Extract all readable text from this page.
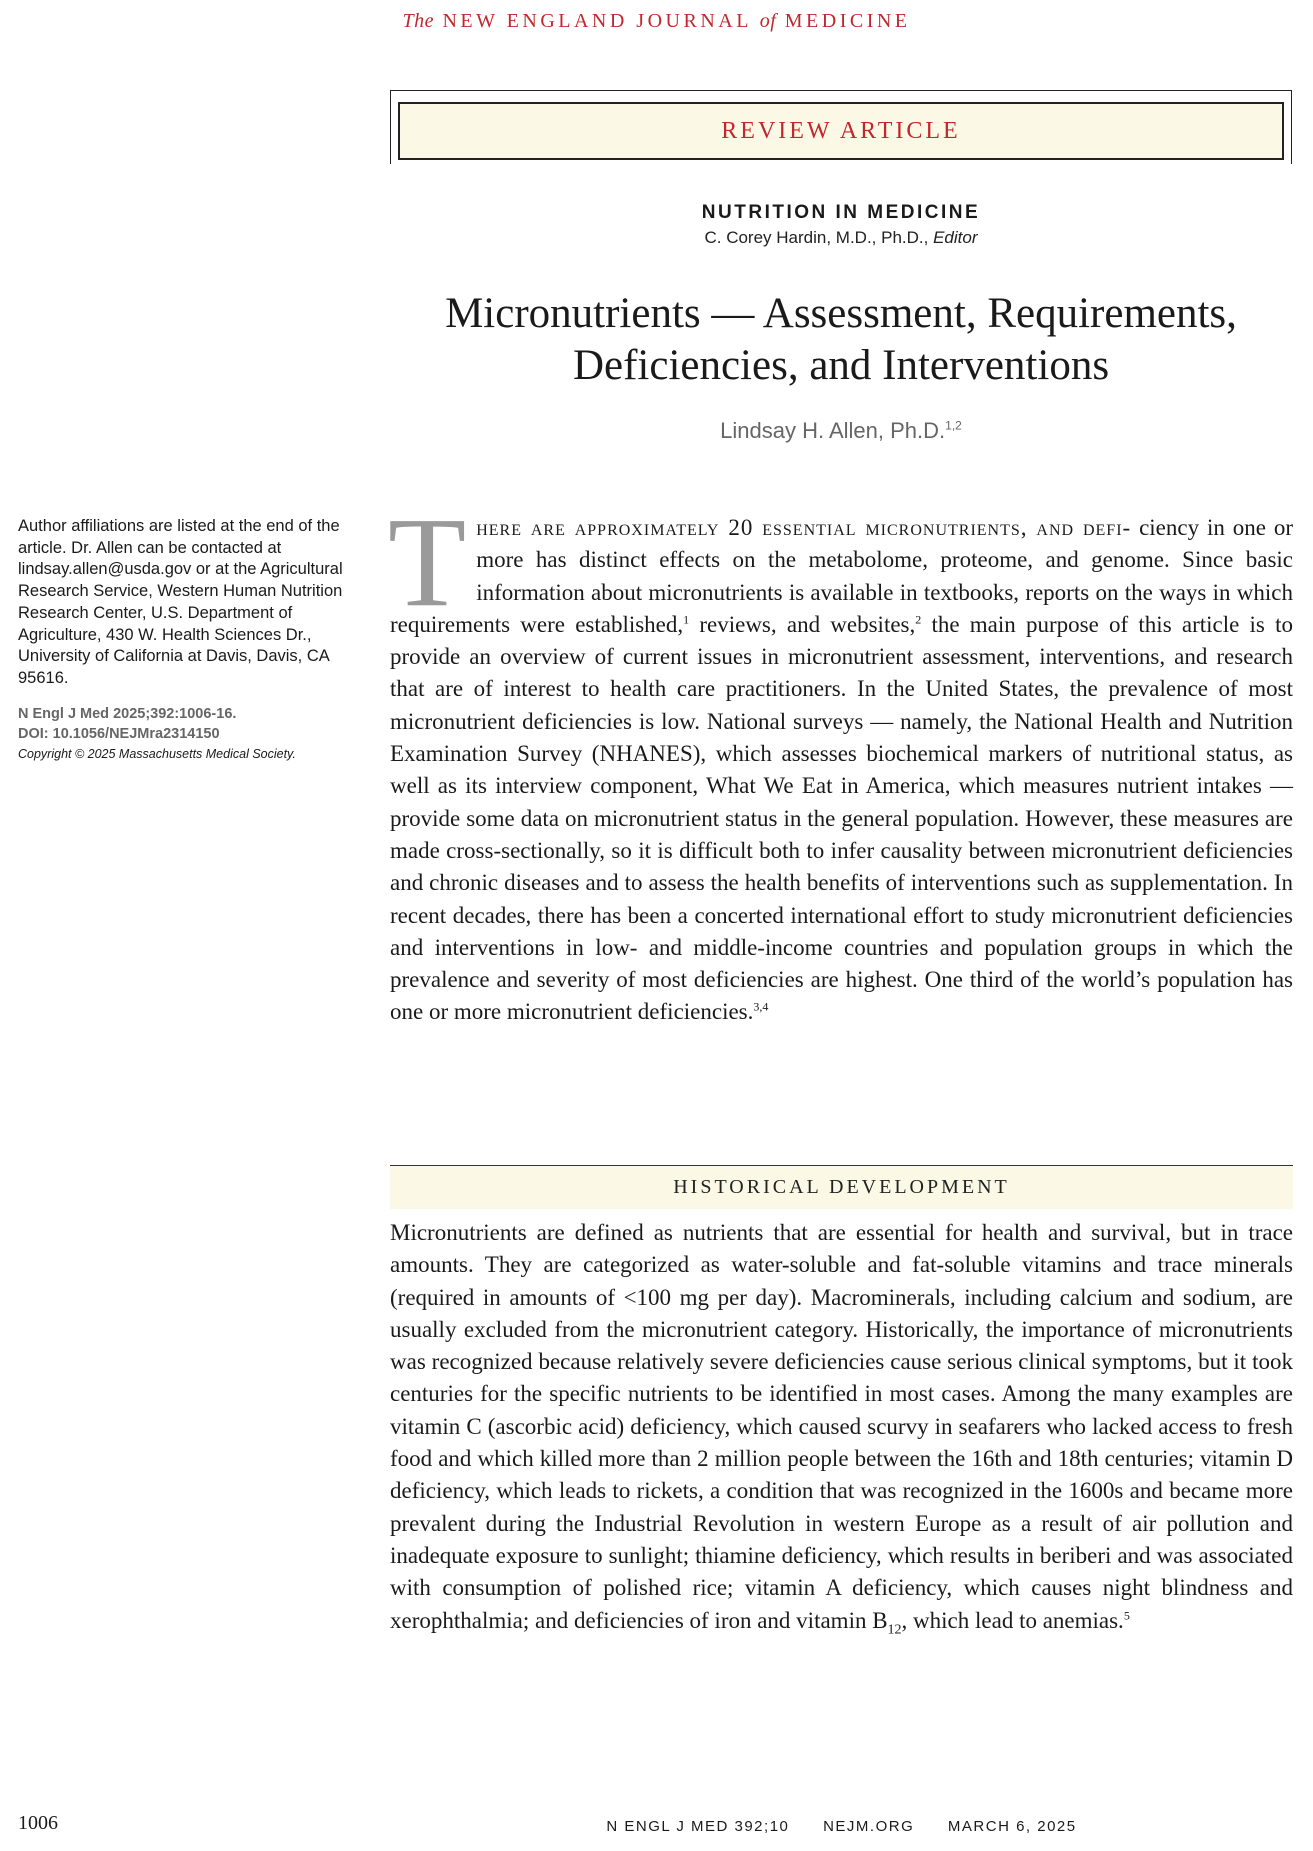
The NEW ENGLAND JOURNAL of MEDICINE
REVIEW ARTICLE
NUTRITION IN MEDICINE
C. Corey Hardin, M.D., Ph.D., Editor
Micronutrients — Assessment, Requirements, Deficiencies, and Interventions
Lindsay H. Allen, Ph.D.$^{1,2}$
Author affiliations are listed at the end of the article. Dr. Allen can be contacted at lindsay.allen@usda.gov or at the Agricultural Research Service, Western Human Nutrition Research Center, U.S. Department of Agriculture, 430 W. Health Sciences Dr., University of California at Davis, Davis, CA 95616.
N Engl J Med 2025;392:1006-16.
DOI: 10.1056/NEJMra2314150
Copyright © 2025 Massachusetts Medical Society.
There are approximately 20 essential micronutrients, and defi- ciency in one or more has distinct effects on the metabolome, proteome, and genome. Since basic information about micronutrients is available in textbooks, reports on the ways in which requirements were established,$^1$ reviews, and websites,$^2$ the main purpose of this article is to provide an overview of current issues in micronutrient assessment, interventions, and research that are of interest to health care practitioners. In the United States, the prevalence of most micronutrient deficiencies is low. National surveys — namely, the National Health and Nutrition Examination Survey (NHANES), which assesses biochemical markers of nutritional status, as well as its interview component, What We Eat in America, which measures nutrient intakes — provide some data on micronutrient status in the general population. However, these measures are made cross-sectionally, so it is difficult both to infer causality between micronutrient deficiencies and chronic diseases and to assess the health benefits of interventions such as supplementation. In recent decades, there has been a concerted international effort to study micronutrient deficiencies and interventions in low- and middle-income countries and population groups in which the prevalence and severity of most deficiencies are highest. One third of the world’s population has one or more micronutrient deficiencies.$^{3,4}$
HISTORICAL DEVELOPMENT
Micronutrients are defined as nutrients that are essential for health and survival, but in trace amounts. They are categorized as water-soluble and fat-soluble vitamins and trace minerals (required in amounts of <100 mg per day). Macrominerals, including calcium and sodium, are usually excluded from the micronutrient category. Historically, the importance of micronutrients was recognized because relatively severe deficiencies cause serious clinical symptoms, but it took centuries for the specific nutrients to be identified in most cases. Among the many examples are vitamin C (ascorbic acid) deficiency, which caused scurvy in seafarers who lacked access to fresh food and which killed more than 2 million people between the 16th and 18th centuries; vitamin D deficiency, which leads to rickets, a condition that was recognized in the 1600s and became more prevalent during the Industrial Revolution in western Europe as a result of air pollution and inadequate exposure to sunlight; thiamine deficiency, which results in beriberi and was associated with consumption of polished rice; vitamin A deficiency, which causes night blindness and xerophthalmia; and deficiencies of iron and vitamin $B_{12}$, which lead to anemias.$^5$
1006	N ENGL J MED 392;10 NEJM.ORG MARCH 6, 2025
